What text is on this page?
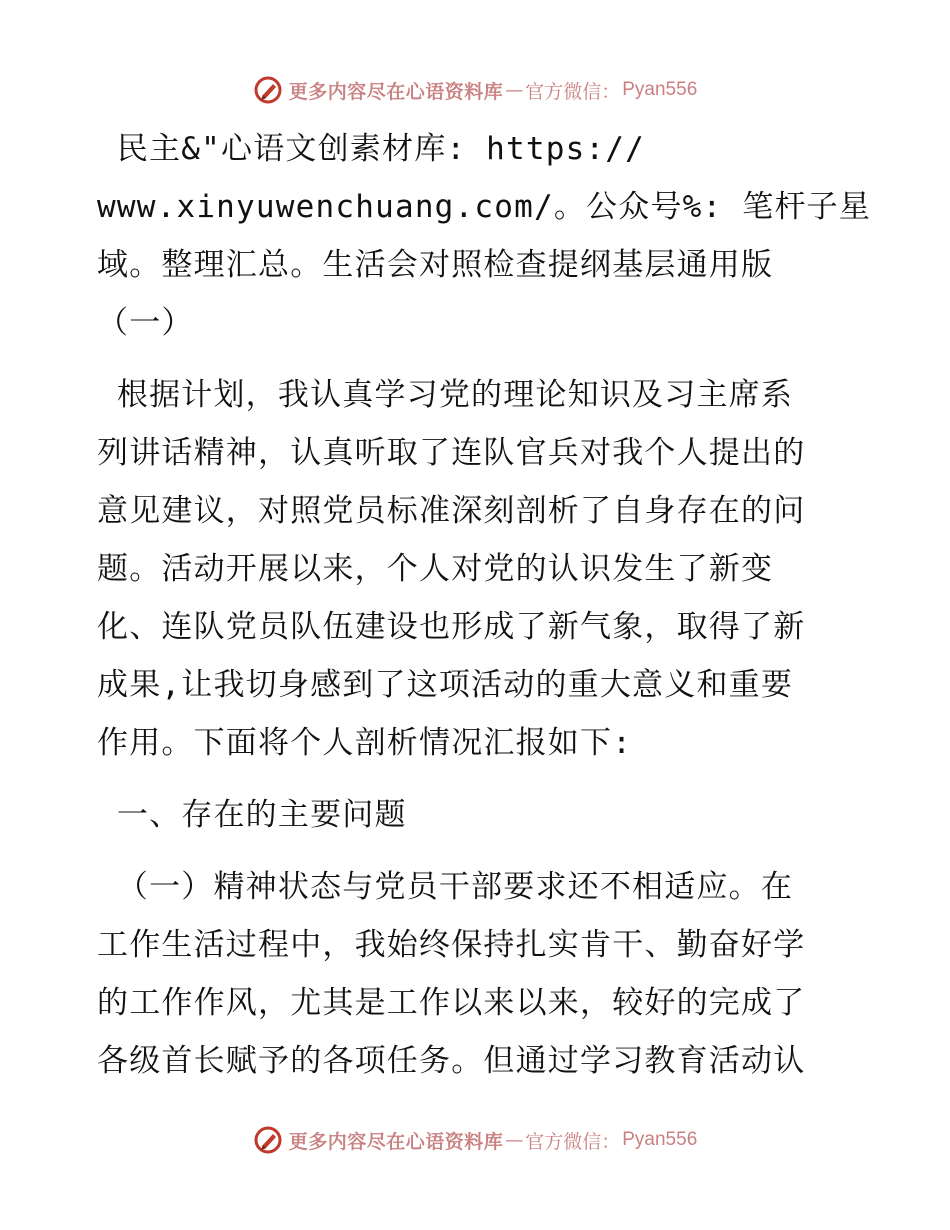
更多内容尽在心语资料库 — 官方微信： Pyan556
民主&"心语文创素材库: https://
www.xinyuwenchuang.com/。公众号%: 笔杆子星
域。整理汇总。生活会对照检查提纲基层通用版
（一）
根据计划，我认真学习党的理论知识及习主席系
列讲话精神，认真听取了连队官兵对我个人提出的
意见建议，对照党员标准深刻剖析了自身存在的问
题。活动开展以来，个人对党的认识发生了新变
化、连队党员队伍建设也形成了新气象，取得了新
成果,让我切身感到了这项活动的重大意义和重要
作用。下面将个人剖析情况汇报如下:
一、存在的主要问题
（一）精神状态与党员干部要求还不相适应。在
工作生活过程中，我始终保持扎实肯干、勤奋好学
的工作作风，尤其是工作以来以来，较好的完成了
各级首长赋予的各项任务。但通过学习教育活动认
更多内容尽在心语资料库 — 官方微信： Pyan556
